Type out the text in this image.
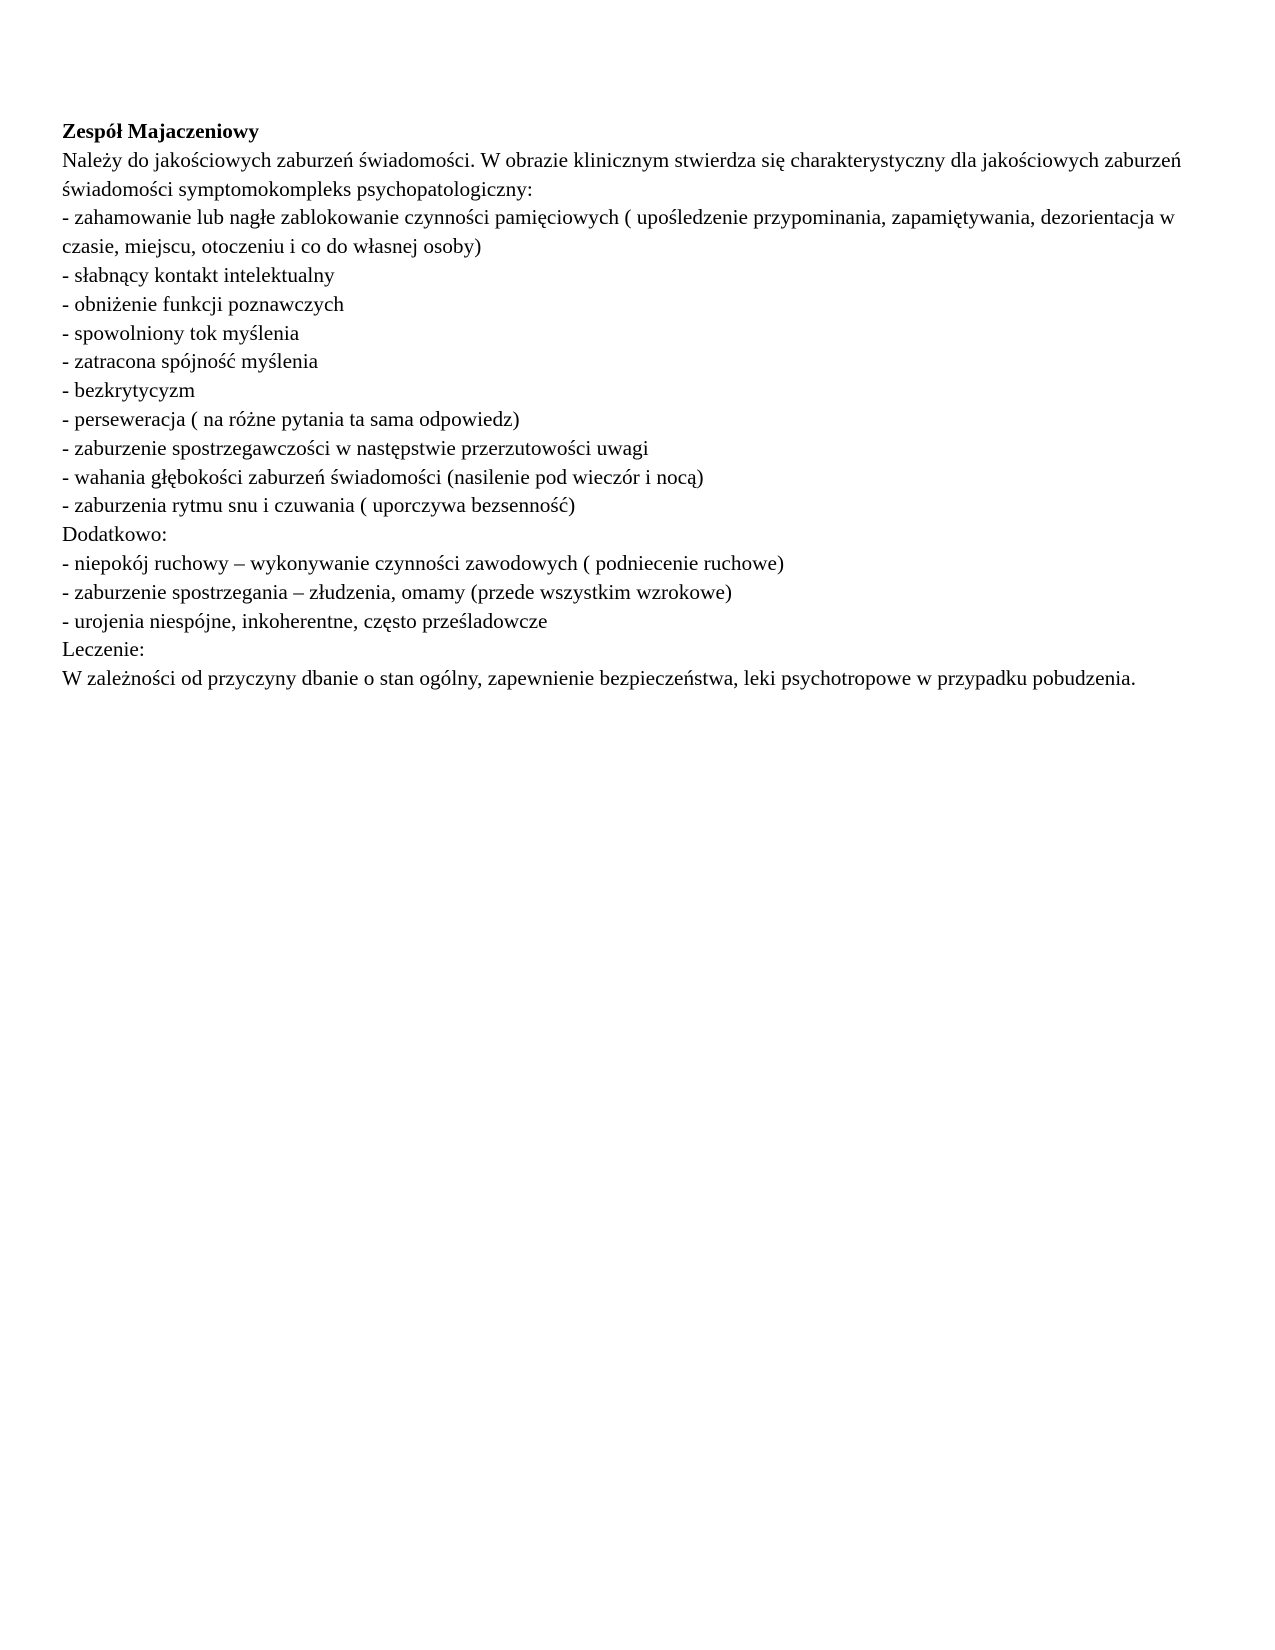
Zespół Majaczeniowy

Należy do jakościowych zaburzeń świadomości. W obrazie klinicznym stwierdza się charakterystyczny dla jakościowych zaburzeń świadomości symptomokompleks psychopatologiczny:

- zahamowanie lub nagłe zablokowanie czynności pamięciowych ( upośledzenie przypominania, zapamiętywania, dezorientacja w czasie, miejscu, otoczeniu i co do własnej osoby)

- słabnący kontakt intelektualny

- obniżenie funkcji poznawczych

- spowolniony tok myślenia

- zatracona spójność myślenia

- bezkrytycyzm

- perseweracja ( na różne pytania ta sama odpowiedz)

- zaburzenie spostrzegawczości w następstwie przerzutowości uwagi

- wahania głębokości zaburzeń świadomości (nasilenie pod wieczór i nocą)

- zaburzenia rytmu snu i czuwania ( uporczywa bezsenność)

Dodatkowo:

- niepokój ruchowy – wykonywanie czynności zawodowych ( podniecenie ruchowe)

- zaburzenie spostrzegania – złudzenia, omamy (przede wszystkim wzrokowe)

- urojenia niespójne, inkoherentne, często prześladowcze

Leczenie:

W zależności od przyczyny dbanie o stan ogólny, zapewnienie bezpieczeństwa, leki psychotropowe w przypadku pobudzenia.
